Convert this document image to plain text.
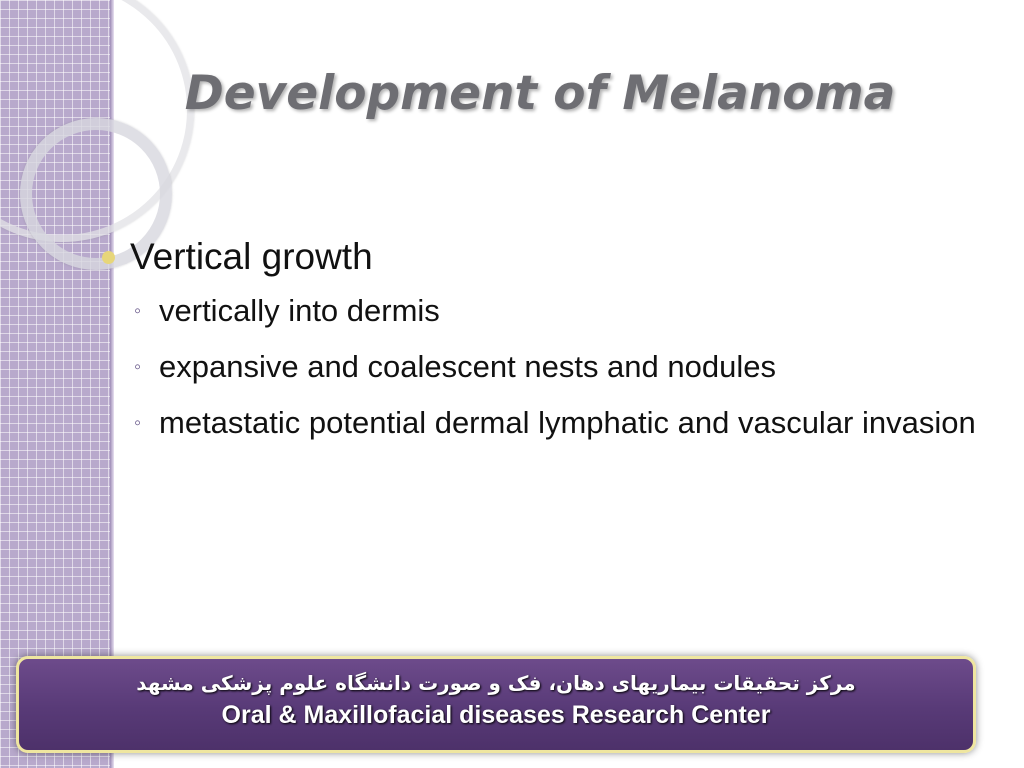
Development of Melanoma
Vertical growth
◦ vertically into dermis
◦ expansive and coalescent nests and nodules
◦ metastatic potential dermal lymphatic and vascular invasion
مرکز تحقیقات بیماریهای دهان، فک و صورت دانشگاه علوم پزشکی مشهد
Oral & Maxillofacial diseases Research Center
